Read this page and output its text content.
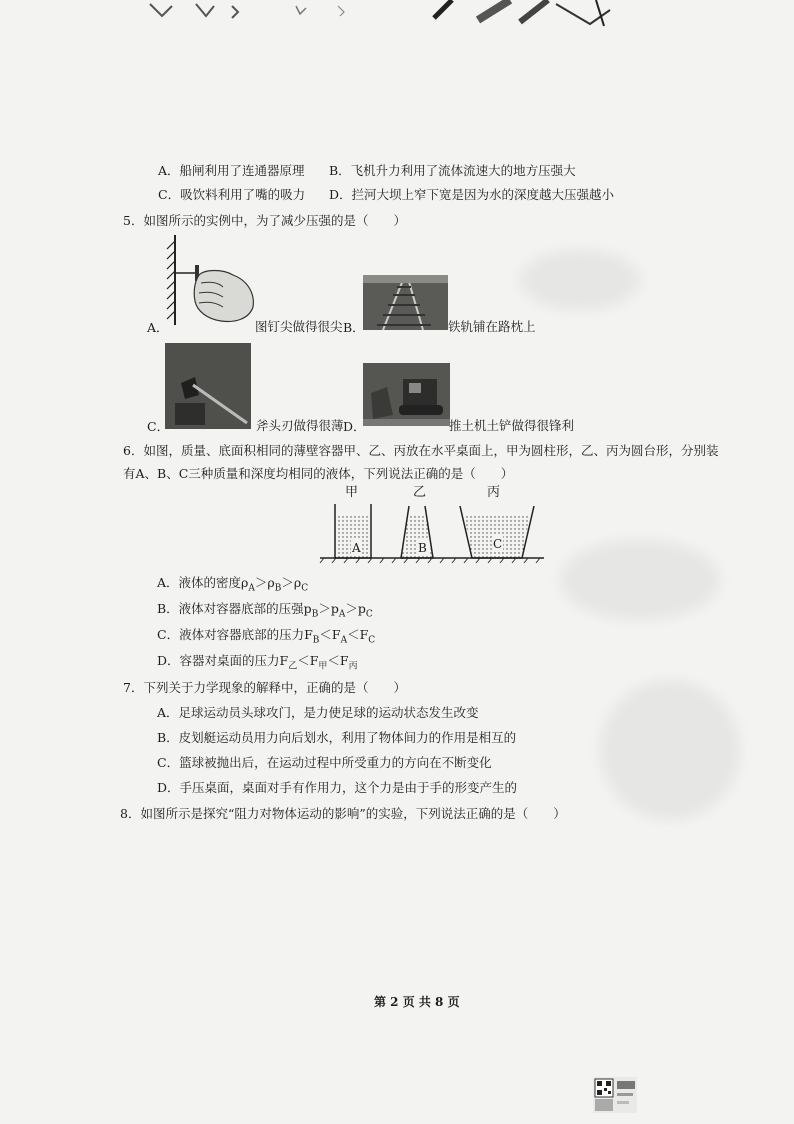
A．船闸利用了连通器原理 B．飞机升力利用了流体流速大的地方压强大
C．吸饮料利用了嘴的吸力 D．拦河大坝上窄下宽是因为水的深度越大压强越小
5．如图所示的实例中，为了减少压强的是（　　）
A．	图钉尖做得很尖 B．	铁轨铺在路枕上
C．	斧头刃做得很薄 D．	推土机土铲做得很锋利
6．如图，质量、底面积相同的薄壁容器甲、乙、丙放在水平桌面上，甲为圆柱形，乙、丙为圆台形，分别装
有A、B、C三种质量和深度均相同的液体，下列说法正确的是（　　）
甲	乙	丙
A	B	C
A．液体的密度$\rho_A>\rho_B>\rho_C$
B．液体对容器底部的压强$p_B>p_A>p_C$
C．液体对容器底部的压力$F_B<F_A<F_C$
D．容器对桌面的压力$F_乙<F_甲<F_丙$
7．下列关于力学现象的解释中，正确的是（　　）
A．足球运动员头球攻门，是力使足球的运动状态发生改变
B．皮划艇运动员用力向后划水，利用了物体间力的作用是相互的
C．篮球被抛出后，在运动过程中所受重力的方向在不断变化
D．手压桌面，桌面对手有作用力，这个力是由于手的形变产生的
8．如图所示是探究“阻力对物体运动的影响”的实验，下列说法正确的是（　　）
第 2 页 共 8 页
